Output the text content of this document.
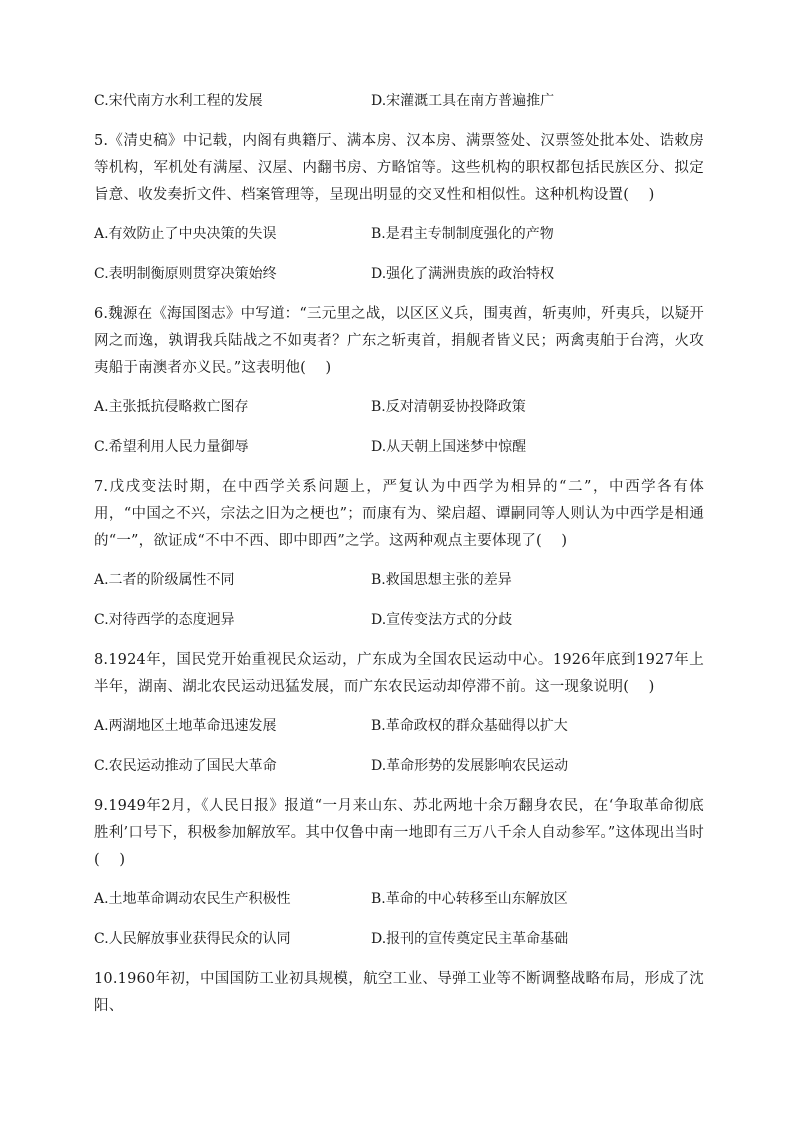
C.宋代南方水利工程的发展	D.宋灌溉工具在南方普遍推广

5.《清史稿》中记载，内阁有典籍厅、满本房、汉本房、满票签处、汉票签处批本处、诰敕房等机构，军机处有满屋、汉屋、内翻书房、方略馆等。这些机构的职权都包括民族区分、拟定旨意、收发奏折文件、档案管理等，呈现出明显的交叉性和相似性。这种机构设置(　 )

A.有效防止了中央决策的失误	B.是君主专制制度强化的产物
C.表明制衡原则贯穿决策始终	D.强化了满洲贵族的政治特权

6.魏源在《海国图志》中写道：“三元里之战，以区区义兵，围夷酋，斩夷帅，歼夷兵，以疑开网之而逸，孰谓我兵陆战之不如夷者？广东之斩夷首，捐舰者皆义民；两禽夷舶于台湾，火攻夷船于南澳者亦义民。”这表明他(　 )

A.主张抵抗侵略救亡图存	B.反对清朝妥协投降政策
C.希望利用人民力量御辱	D.从天朝上国迷梦中惊醒

7.戊戌变法时期，在中西学关系问题上，严复认为中西学为相异的“二”，中西学各有体用，“中国之不兴，宗法之旧为之梗也”；而康有为、梁启超、谭嗣同等人则认为中西学是相通的“一”，欲证成“不中不西、即中即西”之学。这两种观点主要体现了(　 )

A.二者的阶级属性不同	B.救国思想主张的差异
C.对待西学的态度迥异	D.宣传变法方式的分歧

8.1924年，国民党开始重视民众运动，广东成为全国农民运动中心。1926年底到1927年上半年，湖南、湖北农民运动迅猛发展，而广东农民运动却停滞不前。这一现象说明(　 )

A.两湖地区土地革命迅速发展	B.革命政权的群众基础得以扩大
C.农民运动推动了国民大革命	D.革命形势的发展影响农民运动

9.1949年2月，《人民日报》报道“一月来山东、苏北两地十余万翻身农民，在‘争取革命彻底胜利’口号下，积极参加解放军。其中仅鲁中南一地即有三万八千余人自动参军。”这体现出当时(　 )

A.土地革命调动农民生产积极性	B.革命的中心转移至山东解放区
C.人民解放事业获得民众的认同	D.报刊的宣传奠定民主革命基础

10.1960年初，中国国防工业初具规模，航空工业、导弹工业等不断调整战略布局，形成了沈阳、
